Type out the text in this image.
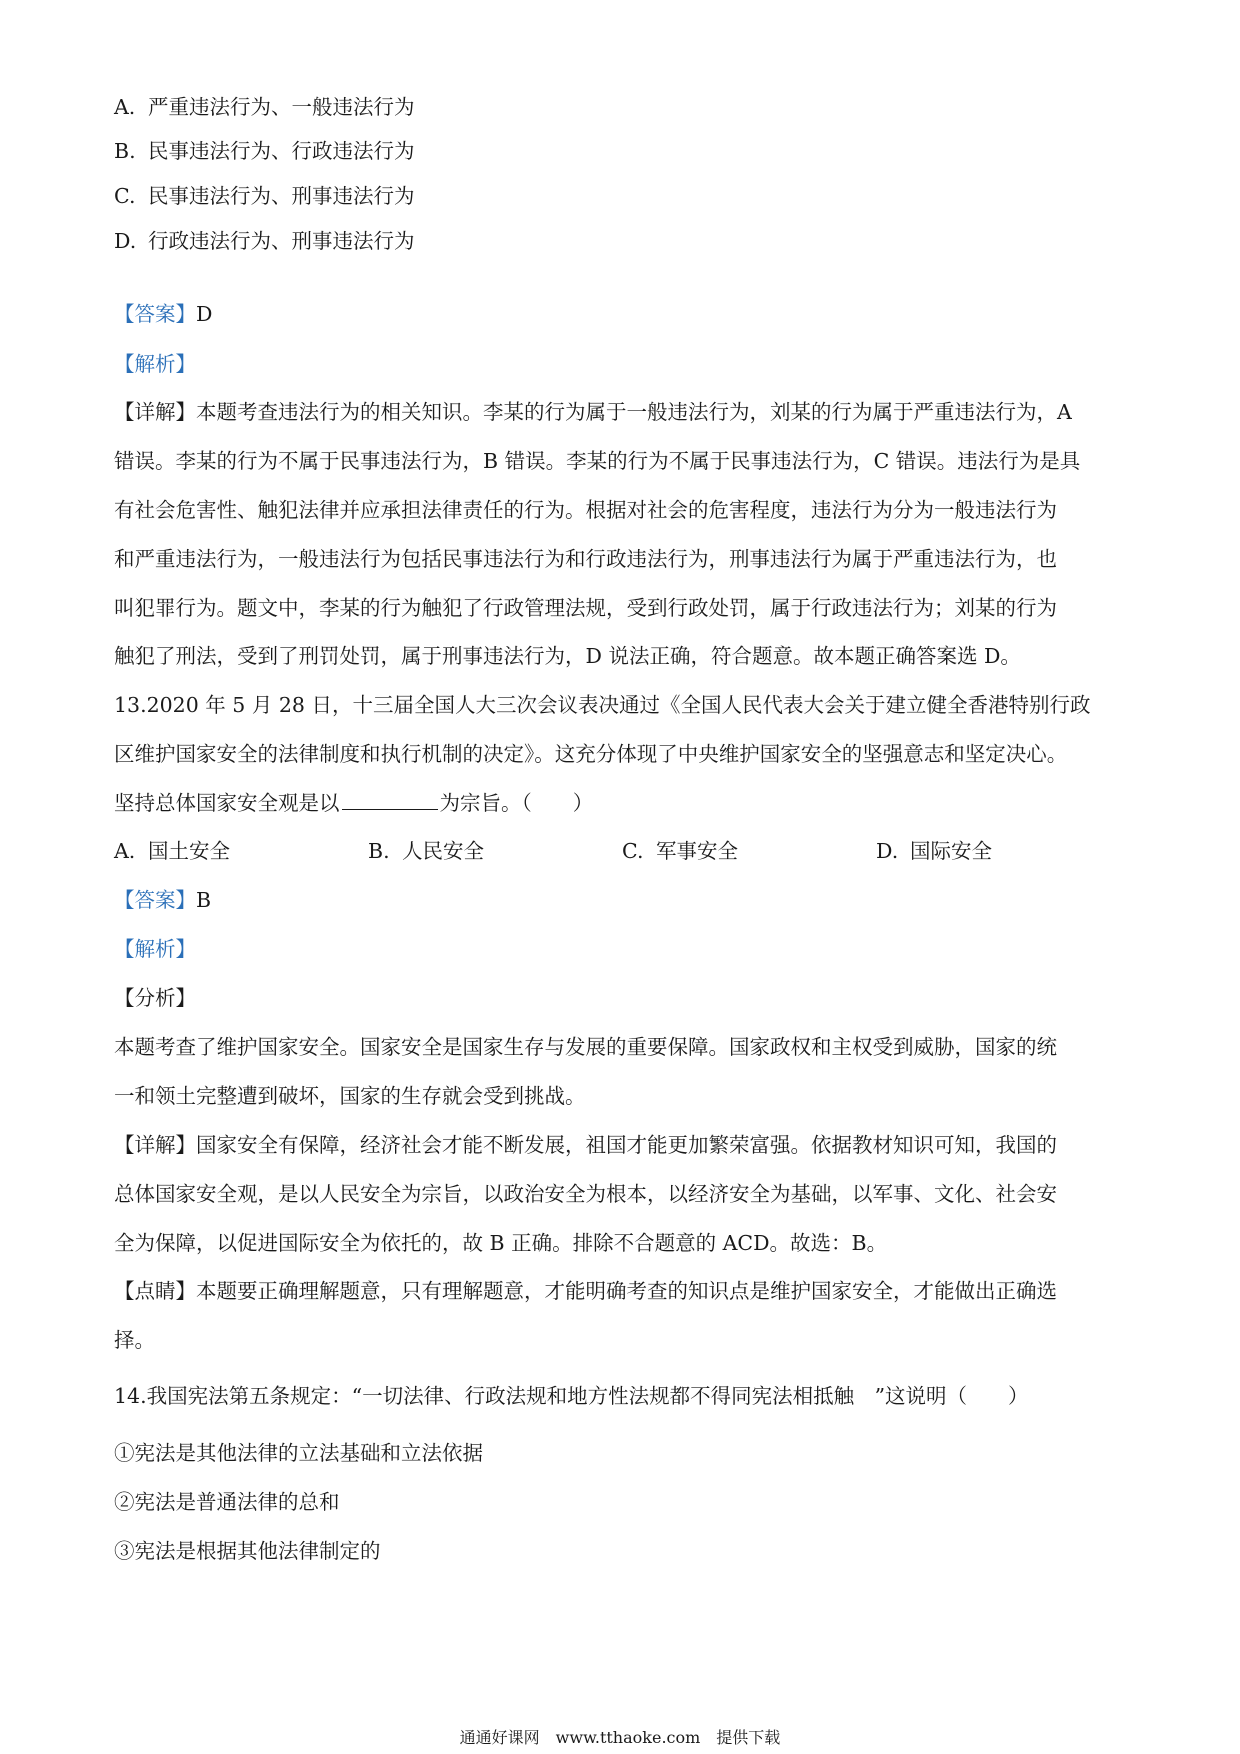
A. 严重违法行为、一般违法行为
B. 民事违法行为、行政违法行为
C. 民事违法行为、刑事违法行为
D. 行政违法行为、刑事违法行为
【答案】D
【解析】
【详解】本题考查违法行为的相关知识。李某的行为属于一般违法行为，刘某的行为属于严重违法行为，A
错误。李某的行为不属于民事违法行为，B 错误。李某的行为不属于民事违法行为，C 错误。违法行为是具
有社会危害性、触犯法律并应承担法律责任的行为。根据对社会的危害程度，违法行为分为一般违法行为
和严重违法行为，一般违法行为包括民事违法行为和行政违法行为，刑事违法行为属于严重违法行为，也
叫犯罪行为。题文中，李某的行为触犯了行政管理法规，受到行政处罚，属于行政违法行为；刘某的行为
触犯了刑法，受到了刑罚处罚，属于刑事违法行为，D 说法正确，符合题意。故本题正确答案选 D。
13.2020 年 5 月 28 日，十三届全国人大三次会议表决通过《全国人民代表大会关于建立健全香港特别行政
区维护国家安全的法律制度和执行机制的决定》。这充分体现了中央维护国家安全的坚强意志和坚定决心。
坚持总体国家安全观是以	为宗旨。（　　）
A. 国土安全	B. 人民安全	C. 军事安全	D. 国际安全
【答案】B
【解析】
【分析】
本题考查了维护国家安全。国家安全是国家生存与发展的重要保障。国家政权和主权受到威胁，国家的统
一和领土完整遭到破坏，国家的生存就会受到挑战。
【详解】国家安全有保障，经济社会才能不断发展，祖国才能更加繁荣富强。依据教材知识可知，我国的
总体国家安全观，是以人民安全为宗旨，以政治安全为根本，以经济安全为基础，以军事、文化、社会安
全为保障，以促进国际安全为依托的，故 B 正确。排除不合题意的 ACD。故选：B。
【点睛】本题要正确理解题意，只有理解题意，才能明确考查的知识点是维护国家安全，才能做出正确选
择。
14.我国宪法第五条规定：“一切法律、行政法规和地方性法规都不得同宪法相抵触　”这说明（　　）
①宪法是其他法律的立法基础和立法依据
②宪法是普通法律的总和
③宪法是根据其他法律制定的
通通好课网　www.tthaoke.com　提供下载
